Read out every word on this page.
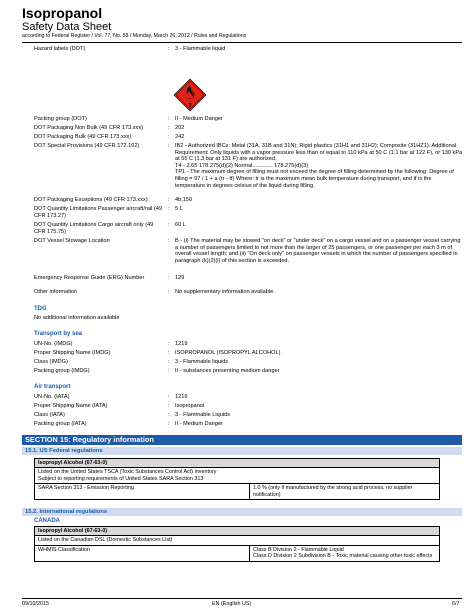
Isopropanol
Safety Data Sheet
according to Federal Register / Vol. 77, No. 58 / Monday, March 26, 2012 / Rules and Regulations
Hazard labels (DOT)	: 3 - Flammable liquid
3
Packing group (DOT)	: II - Medium Danger
DOT Packaging Non Bulk (49 CFR 173.xxx)	: 202
DOT Packaging Bulk (49 CFR 173.xxx)	: 242
DOT Special Provisions (49 CFR 172.102)	: IB2 - Authorized IBCs: Metal (31A, 31B and 31N); Rigid plastics (31H1 and 31H2); Composite (31HZ1). Additional Requirement: Only liquids with a vapor pressure less than or equal to 110 kPa at 50 C (1.1 bar at 122 F), or 130 kPa at 55 C (1.3 bar at 131 F) are authorized.
T4 - 2.65 178.275(d)(2) Normal............. 178.275(d)(3)
TP1 - The maximum degree of filling must not exceed the degree of filling determined by the following: Degree of filling = 97 / 1 + a (tr - tf) Where: tr is the maximum mean bulk temperature during transport, and tf is the temperature in degrees celsius of the liquid during filling.
DOT Packaging Exceptions (49 CFR 173.xxx)	: 4b;150
DOT Quantity Limitations Passenger aircraft/rail (49 CFR 173.27)
: 5 L
DOT Quantity Limitations Cargo aircraft only (49 CFR 175.75)
: 60 L
DOT Vessel Stowage Location	: B - (i) The material may be stowed "on deck" or "under deck" on a cargo vessel and on a passenger vessel carrying a number of passengers limited to not more than the larger of 25 passengers, or one passenger per each 3 m of overall vessel length; and (ii) "On deck only" on passenger vessels in which the number of passengers specified in paragraph (k)(2)(i) of this section is exceeded.
Emergency Response Guide (ERG) Number	: 129
Other information	: No supplementary information available.
TDG
No additional information available
Transport by sea
UN-No. (IMDG)	: 1219
Proper Shipping Name (IMDG)	: ISOPROPANOL (ISOPROPYL ALCOHOL)
Class (IMDG)	: 3 - Flammable liquids
Packing group (IMDG)	: II - substances presenting medium danger
Air transport
UN-No. (IATA)	: 1219
Proper Shipping Name (IATA)	: Isopropanol
Class (IATA)	: 3 - Flammable Liquids
Packing group (IATA)	: II - Medium Danger
SECTION 15: Regulatory information
15.1. US Federal regulations
Isopropyl Alcohol (67-63-0)
Listed on the United States TSCA (Toxic Substances Control Act) inventory
Subject to reporting requirements of United States SARA Section 313
SARA Section 313 - Emission Reporting	1.0 % (only if manufactured by the strong acid process, no supplier notification)
15.2. International regulations
CANADA
Isopropyl Alcohol (67-63-0)
Listed on the Canadian DSL (Domestic Substances List)
WHMIS Classification	Class B Division 2 - Flammable Liquid
Class D Division 2 Subdivision B - Toxic material causing other toxic effects
09/10/2015	EN (English US)	6/7
